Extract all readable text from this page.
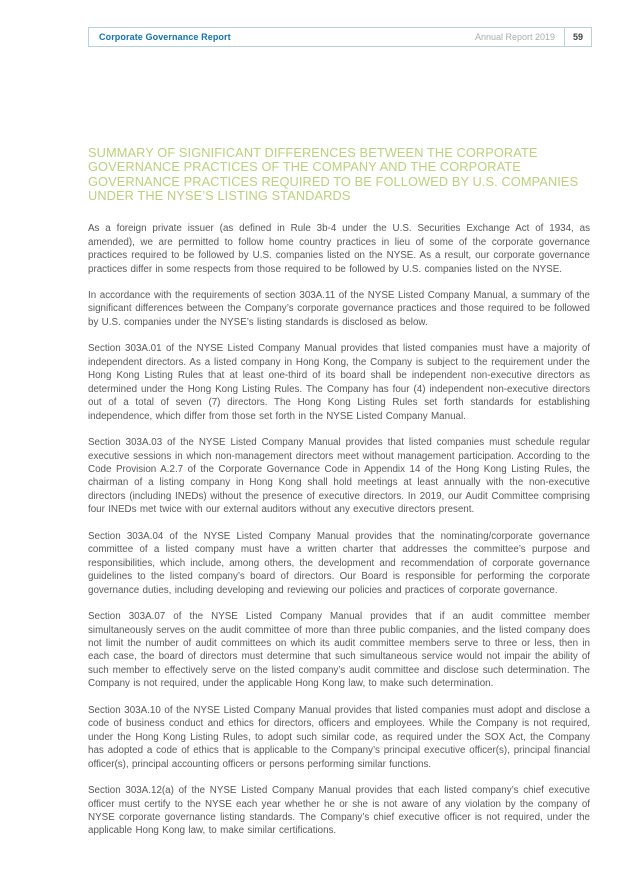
Corporate Governance Report	Annual Report 2019	59
SUMMARY OF SIGNIFICANT DIFFERENCES BETWEEN THE CORPORATE GOVERNANCE PRACTICES OF THE COMPANY AND THE CORPORATE GOVERNANCE PRACTICES REQUIRED TO BE FOLLOWED BY U.S. COMPANIES UNDER THE NYSE’S LISTING STANDARDS

As a foreign private issuer (as defined in Rule 3b-4 under the U.S. Securities Exchange Act of 1934, as amended), we are permitted to follow home country practices in lieu of some of the corporate governance practices required to be followed by U.S. companies listed on the NYSE. As a result, our corporate governance practices differ in some respects from those required to be followed by U.S. companies listed on the NYSE.

In accordance with the requirements of section 303A.11 of the NYSE Listed Company Manual, a summary of the significant differences between the Company’s corporate governance practices and those required to be followed by U.S. companies under the NYSE’s listing standards is disclosed as below.

Section 303A.01 of the NYSE Listed Company Manual provides that listed companies must have a majority of independent directors. As a listed company in Hong Kong, the Company is subject to the requirement under the Hong Kong Listing Rules that at least one-third of its board shall be independent non-executive directors as determined under the Hong Kong Listing Rules. The Company has four (4) independent non-executive directors out of a total of seven (7) directors. The Hong Kong Listing Rules set forth standards for establishing independence, which differ from those set forth in the NYSE Listed Company Manual.

Section 303A.03 of the NYSE Listed Company Manual provides that listed companies must schedule regular executive sessions in which non-management directors meet without management participation. According to the Code Provision A.2.7 of the Corporate Governance Code in Appendix 14 of the Hong Kong Listing Rules, the chairman of a listing company in Hong Kong shall hold meetings at least annually with the non-executive directors (including INEDs) without the presence of executive directors. In 2019, our Audit Committee comprising four INEDs met twice with our external auditors without any executive directors present.

Section 303A.04 of the NYSE Listed Company Manual provides that the nominating/corporate governance committee of a listed company must have a written charter that addresses the committee’s purpose and responsibilities, which include, among others, the development and recommendation of corporate governance guidelines to the listed company’s board of directors. Our Board is responsible for performing the corporate governance duties, including developing and reviewing our policies and practices of corporate governance.

Section 303A.07 of the NYSE Listed Company Manual provides that if an audit committee member simultaneously serves on the audit committee of more than three public companies, and the listed company does not limit the number of audit committees on which its audit committee members serve to three or less, then in each case, the board of directors must determine that such simultaneous service would not impair the ability of such member to effectively serve on the listed company’s audit committee and disclose such determination. The Company is not required, under the applicable Hong Kong law, to make such determination.

Section 303A.10 of the NYSE Listed Company Manual provides that listed companies must adopt and disclose a code of business conduct and ethics for directors, officers and employees. While the Company is not required, under the Hong Kong Listing Rules, to adopt such similar code, as required under the SOX Act, the Company has adopted a code of ethics that is applicable to the Company’s principal executive officer(s), principal financial officer(s), principal accounting officers or persons performing similar functions.

Section 303A.12(a) of the NYSE Listed Company Manual provides that each listed company’s chief executive officer must certify to the NYSE each year whether he or she is not aware of any violation by the company of NYSE corporate governance listing standards. The Company’s chief executive officer is not required, under the applicable Hong Kong law, to make similar certifications.
